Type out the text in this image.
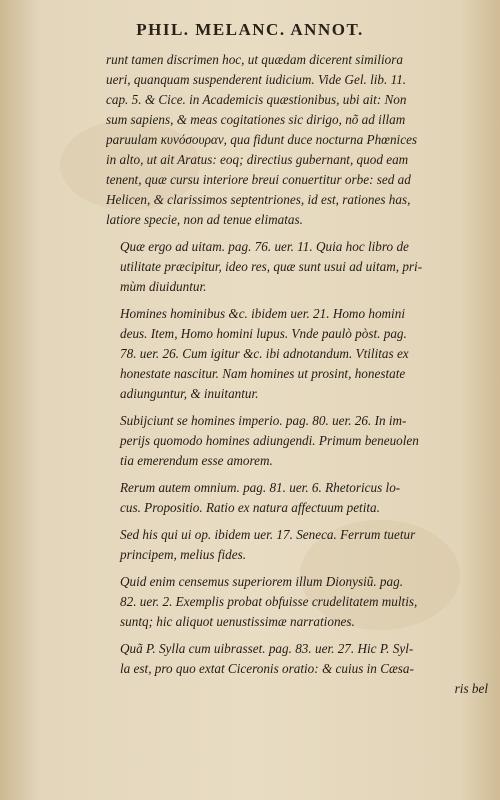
PHIL. MELANC. ANNOT.

runt tamen discrimen hoc, ut quædam dicerent similiora
ueri, quanquam suspenderent iudicium. Vide Gel. lib. 11.
cap. 5. & Cice. in Academicis quæstionibus, ubi ait: Non
sum sapiens, & meas cogitationes sic dirigo, nõ ad illam
paruulam κυνόσουραν, qua fidunt duce nocturna Phœnices
in alto, ut ait Aratus: eoq; directius gubernant, quod eam
tenent, quæ cursu interiore breui conuertitur orbe: sed ad
Helicen, & clarissimos septentriones, id est, rationes has,
latiore specie, non ad tenue elimatas.

Quæ ergo ad uitam. pag. 76. uer. 11. Quia hoc libro de
utilitate præcipitur, ideo res, quæ sunt usui ad uitam, pri-
mùm diuiduntur.

Homines hominibus &c. ibidem uer. 21. Homo homini
deus. Item, Homo homini lupus. Vnde paulò pòst. pag.
78. uer. 26. Cum igitur &c. ibi adnotandum. Vtilitas ex
honestate nascitur. Nam homines ut prosint, honestate
adiunguntur, & inuitantur.

Subijciunt se homines imperio. pag. 80. uer. 26. In im-
perijs quomodo homines adiungendi. Primum beneuolen
tia emerendum esse amorem.

Rerum autem omnium. pag. 81. uer. 6. Rhetoricus lo-
cus. Propositio. Ratio ex natura affectuum petita.

Sed his qui ui op. ibidem uer. 17. Seneca. Ferrum tuetur
principem, melius fides.

Quid enim censemus superiorem illum Dionysiũ. pag.
82. uer. 2. Exemplis probat obfuisse crudelitatem multis,
suntq; hic aliquot uenustissimæ narrationes.

Quã P. Sylla cum uibrasset. pag. 83. uer. 27. Hic P. Syl-
la est, pro quo extat Ciceronis oratio: & cuius in Cæsa-
ris bel
